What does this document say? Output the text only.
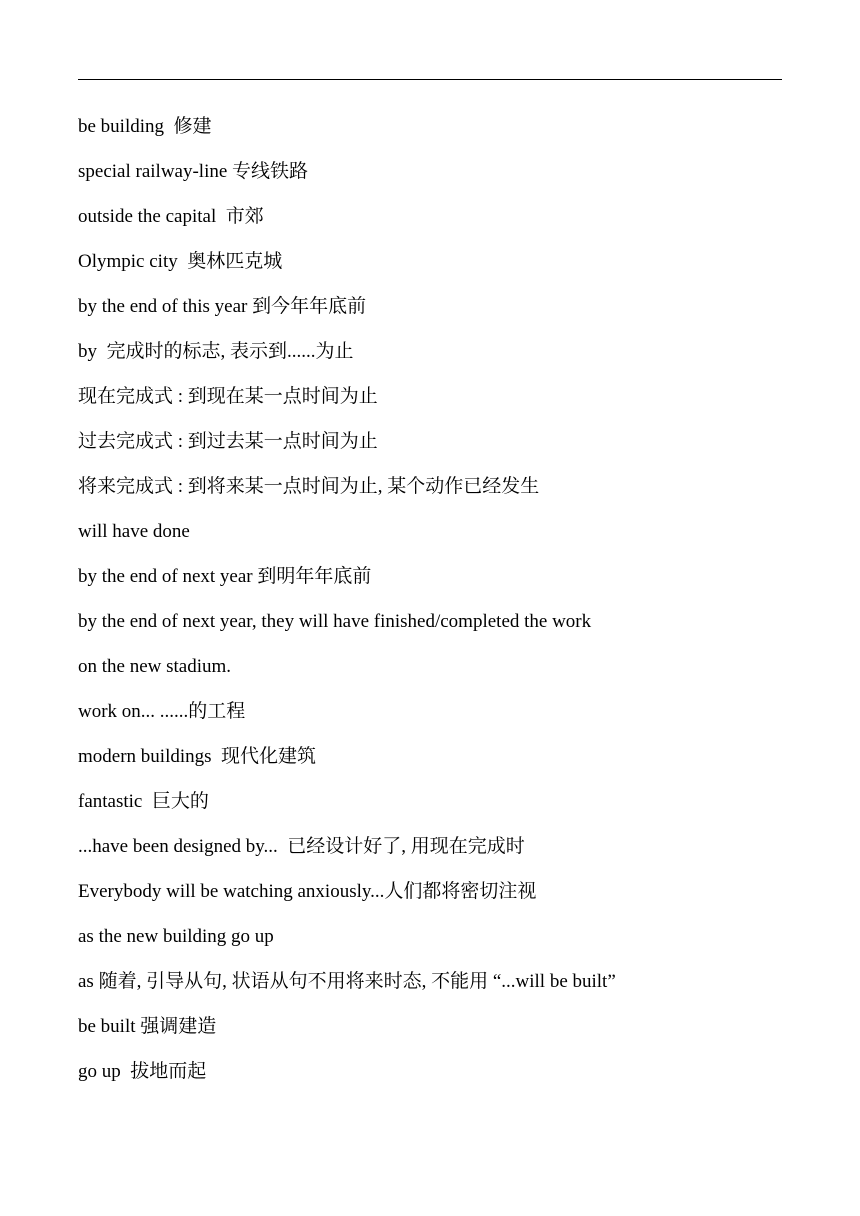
be building  修建
special railway-line 专线铁路
outside the capital  市郊
Olympic city  奥林匹克城
by the end of this year 到今年年底前
by  完成时的标志, 表示到......为止
现在完成式 : 到现在某一点时间为止
过去完成式 : 到过去某一点时间为止
将来完成式 : 到将来某一点时间为止, 某个动作已经发生
will have done
by the end of next year 到明年年底前
by the end of next year, they will have finished/completed the work
on the new stadium.
work on... ......的工程
modern buildings  现代化建筑
fantastic  巨大的
...have been designed by...  已经设计好了, 用现在完成时
Everybody will be watching anxiously...人们都将密切注视
as the new building go up
as 随着, 引导从句, 状语从句不用将来时态, 不能用 “...will be built”
be built 强调建造
go up  拔地而起
